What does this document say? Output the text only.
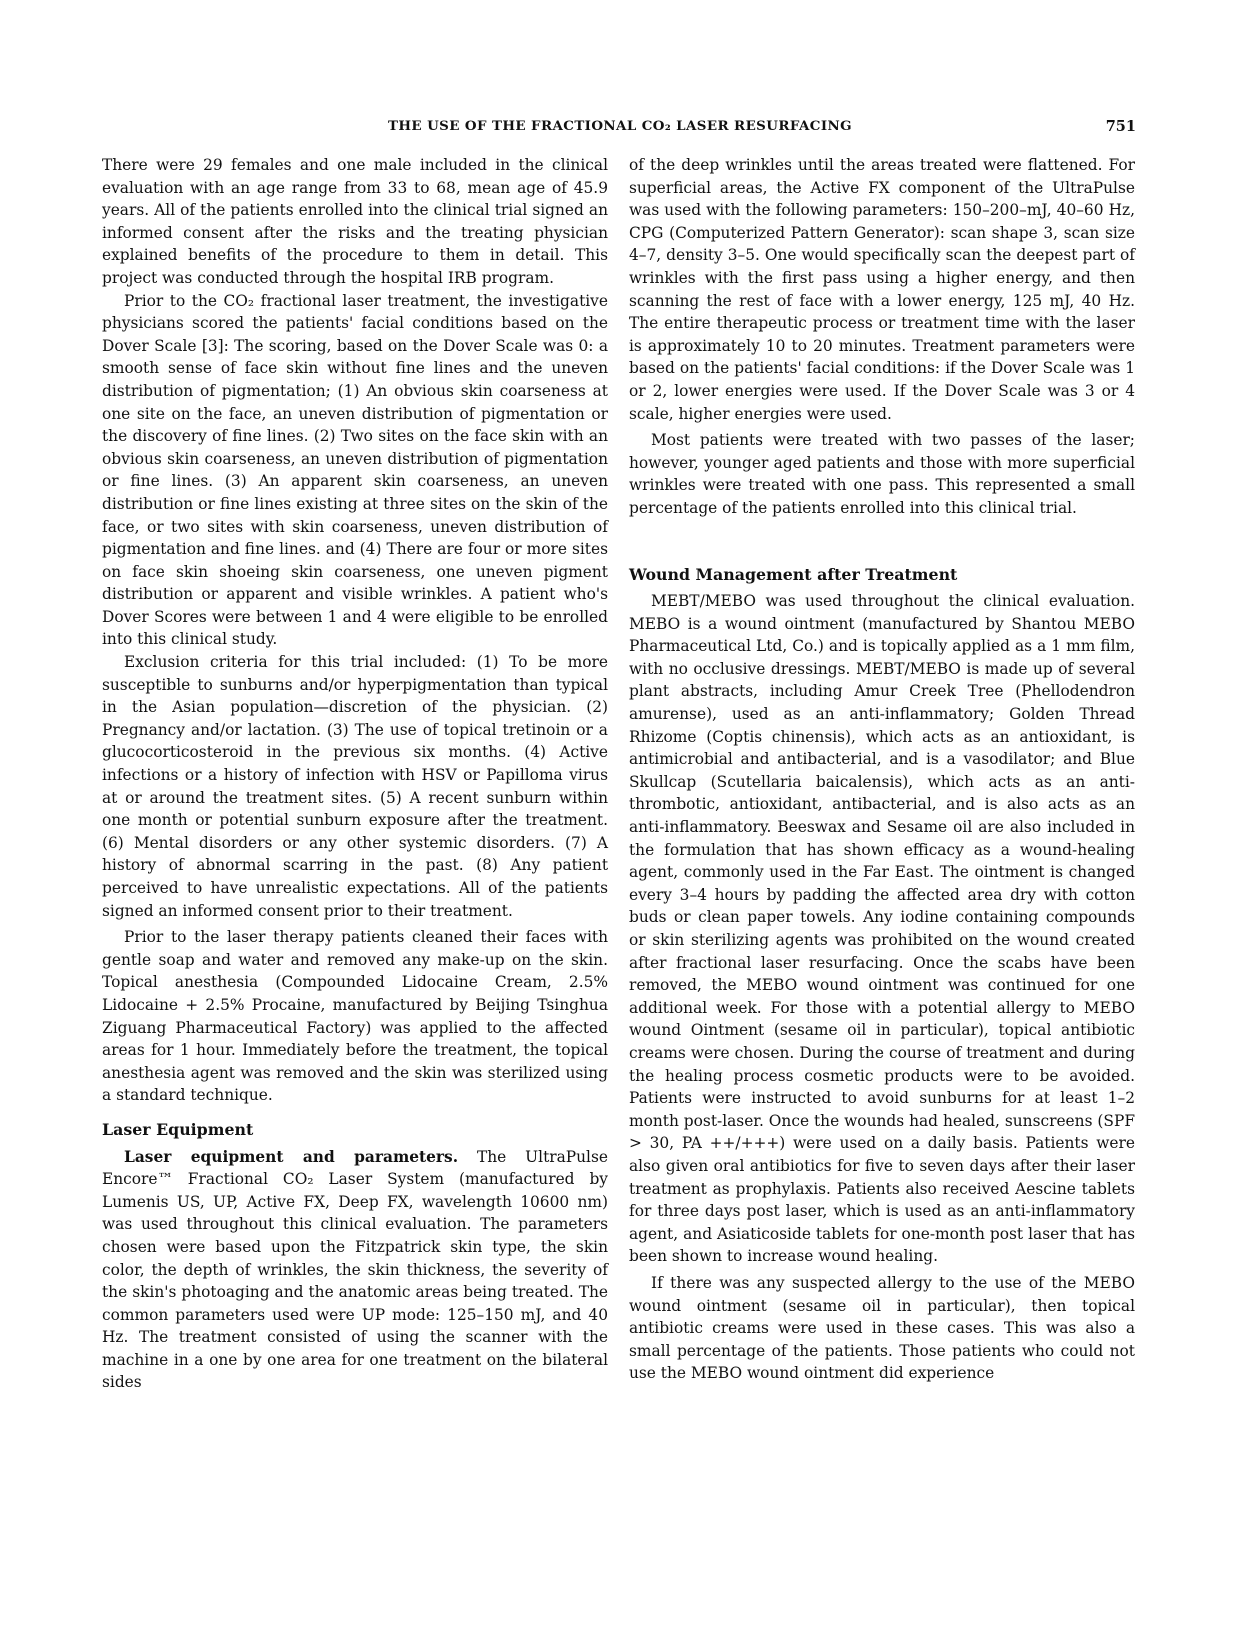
THE USE OF THE FRACTIONAL CO₂ LASER RESURFACING	751

There were 29 females and one male included in the clinical evaluation with an age range from 33 to 68, mean age of 45.9 years. All of the patients enrolled into the clinical trial signed an informed consent after the risks and the treating physician explained benefits of the procedure to them in detail. This project was conducted through the hospital IRB program.

Prior to the CO₂ fractional laser treatment, the investigative physicians scored the patients' facial conditions based on the Dover Scale [3]: The scoring, based on the Dover Scale was 0: a smooth sense of face skin without fine lines and the uneven distribution of pigmentation; (1) An obvious skin coarseness at one site on the face, an uneven distribution of pigmentation or the discovery of fine lines. (2) Two sites on the face skin with an obvious skin coarseness, an uneven distribution of pigmentation or fine lines. (3) An apparent skin coarseness, an uneven distribution or fine lines existing at three sites on the skin of the face, or two sites with skin coarseness, uneven distribution of pigmentation and fine lines. and (4) There are four or more sites on face skin shoeing skin coarseness, one uneven pigment distribution or apparent and visible wrinkles. A patient who's Dover Scores were between 1 and 4 were eligible to be enrolled into this clinical study.

Exclusion criteria for this trial included: (1) To be more susceptible to sunburns and/or hyperpigmentation than typical in the Asian population—discretion of the physician. (2) Pregnancy and/or lactation. (3) The use of topical tretinoin or a glucocorticosteroid in the previous six months. (4) Active infections or a history of infection with HSV or Papilloma virus at or around the treatment sites. (5) A recent sunburn within one month or potential sunburn exposure after the treatment. (6) Mental disorders or any other systemic disorders. (7) A history of abnormal scarring in the past. (8) Any patient perceived to have unrealistic expectations. All of the patients signed an informed consent prior to their treatment.

Prior to the laser therapy patients cleaned their faces with gentle soap and water and removed any make-up on the skin. Topical anesthesia (Compounded Lidocaine Cream, 2.5% Lidocaine + 2.5% Procaine, manufactured by Beijing Tsinghua Ziguang Pharmaceutical Factory) was applied to the affected areas for 1 hour. Immediately before the treatment, the topical anesthesia agent was removed and the skin was sterilized using a standard technique.

Laser Equipment

Laser equipment and parameters. The UltraPulse Encore™ Fractional CO₂ Laser System (manufactured by Lumenis US, UP, Active FX, Deep FX, wavelength 10600 nm) was used throughout this clinical evaluation. The parameters chosen were based upon the Fitzpatrick skin type, the skin color, the depth of wrinkles, the skin thickness, the severity of the skin's photoaging and the anatomic areas being treated. The common parameters used were UP mode: 125–150 mJ, and 40 Hz. The treatment consisted of using the scanner with the machine in a one by one area for one treatment on the bilateral sides

of the deep wrinkles until the areas treated were flattened. For superficial areas, the Active FX component of the UltraPulse was used with the following parameters: 150–200–mJ, 40–60 Hz, CPG (Computerized Pattern Generator): scan shape 3, scan size 4–7, density 3–5. One would specifically scan the deepest part of wrinkles with the first pass using a higher energy, and then scanning the rest of face with a lower energy, 125 mJ, 40 Hz. The entire therapeutic process or treatment time with the laser is approximately 10 to 20 minutes. Treatment parameters were based on the patients' facial conditions: if the Dover Scale was 1 or 2, lower energies were used. If the Dover Scale was 3 or 4 scale, higher energies were used.

Most patients were treated with two passes of the laser; however, younger aged patients and those with more superficial wrinkles were treated with one pass. This represented a small percentage of the patients enrolled into this clinical trial.

Wound Management after Treatment

MEBT/MEBO was used throughout the clinical evaluation. MEBO is a wound ointment (manufactured by Shantou MEBO Pharmaceutical Ltd, Co.) and is topically applied as a 1 mm film, with no occlusive dressings. MEBT/MEBO is made up of several plant abstracts, including Amur Creek Tree (Phellodendron amurense), used as an anti-inflammatory; Golden Thread Rhizome (Coptis chinensis), which acts as an antioxidant, is antimicrobial and antibacterial, and is a vasodilator; and Blue Skullcap (Scutellaria baicalensis), which acts as an anti-thrombotic, antioxidant, antibacterial, and is also acts as an anti-inflammatory. Beeswax and Sesame oil are also included in the formulation that has shown efficacy as a wound-healing agent, commonly used in the Far East. The ointment is changed every 3–4 hours by padding the affected area dry with cotton buds or clean paper towels. Any iodine containing compounds or skin sterilizing agents was prohibited on the wound created after fractional laser resurfacing. Once the scabs have been removed, the MEBO wound ointment was continued for one additional week. For those with a potential allergy to MEBO wound Ointment (sesame oil in particular), topical antibiotic creams were chosen. During the course of treatment and during the healing process cosmetic products were to be avoided. Patients were instructed to avoid sunburns for at least 1–2 month post-laser. Once the wounds had healed, sunscreens (SPF > 30, PA ++/+++) were used on a daily basis. Patients were also given oral antibiotics for five to seven days after their laser treatment as prophylaxis. Patients also received Aescine tablets for three days post laser, which is used as an anti-inflammatory agent, and Asiaticoside tablets for one-month post laser that has been shown to increase wound healing.

If there was any suspected allergy to the use of the MEBO wound ointment (sesame oil in particular), then topical antibiotic creams were used in these cases. This was also a small percentage of the patients. Those patients who could not use the MEBO wound ointment did experience
